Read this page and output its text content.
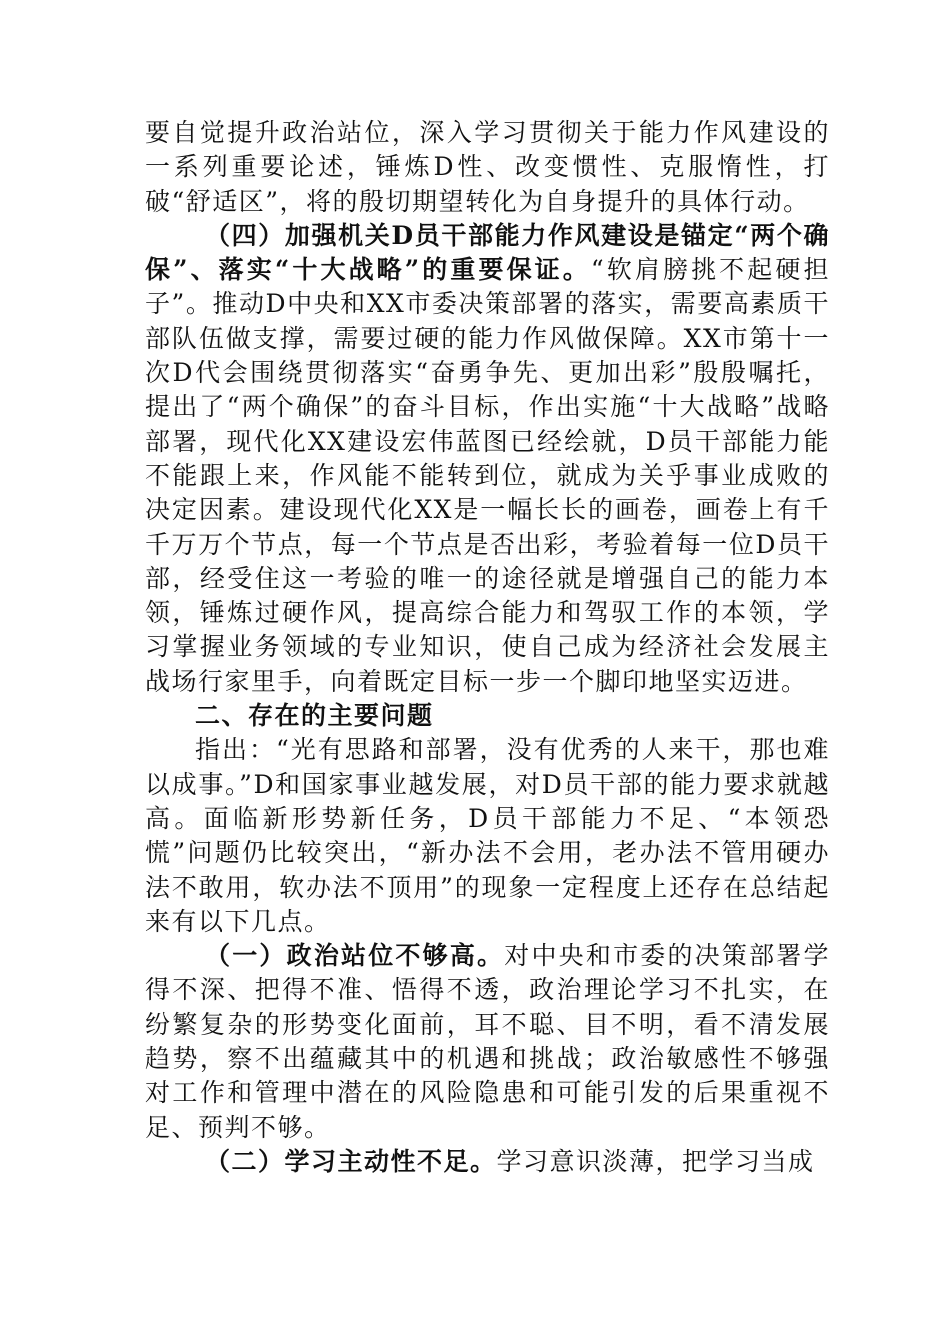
要自觉提升政治站位，深入学习贯彻关于能力作风建设的一系列重要论述，锤炼D性、改变惯性、克服惰性，打破“舒适区”，将的殷切期望转化为自身提升的具体行动。

（四）加强机关D员干部能力作风建设是锚定“两个确保”、落实“十大战略”的重要保证。“软肩膀挑不起硬担子”。推动D中央和XX市委决策部署的落实，需要高素质干部队伍做支撑，需要过硬的能力作风做保障。XX市第十一次D代会围绕贯彻落实“奋勇争先、更加出彩”殷殷嘱托，提出了“两个确保”的奋斗目标，作出实施“十大战略”战略部署，现代化XX建设宏伟蓝图已经绘就，D员干部能力能不能跟上来，作风能不能转到位，就成为关乎事业成败的决定因素。建设现代化XX是一幅长长的画卷，画卷上有千千万万个节点，每一个节点是否出彩，考验着每一位D员干部，经受住这一考验的唯一的途径就是增强自己的能力本领，锤炼过硬作风，提高综合能力和驾驭工作的本领，学习掌握业务领域的专业知识，使自己成为经济社会发展主战场行家里手，向着既定目标一步一个脚印地坚实迈进。

二、存在的主要问题

指出：“光有思路和部署，没有优秀的人来干，那也难以成事。”D和国家事业越发展，对D员干部的能力要求就越高。面临新形势新任务，D员干部能力不足、“本领恐慌”问题仍比较突出，“新办法不会用，老办法不管用硬办法不敢用，软办法不顶用”的现象一定程度上还存在总结起来有以下几点。

（一）政治站位不够高。对中央和市委的决策部署学得不深、把得不准、悟得不透，政治理论学习不扎实，在纷繁复杂的形势变化面前，耳不聪、目不明，看不清发展趋势，察不出蕴藏其中的机遇和挑战；政治敏感性不够强对工作和管理中潜在的风险隐患和可能引发的后果重视不足、预判不够。

（二）学习主动性不足。学习意识淡薄，把学习当成
